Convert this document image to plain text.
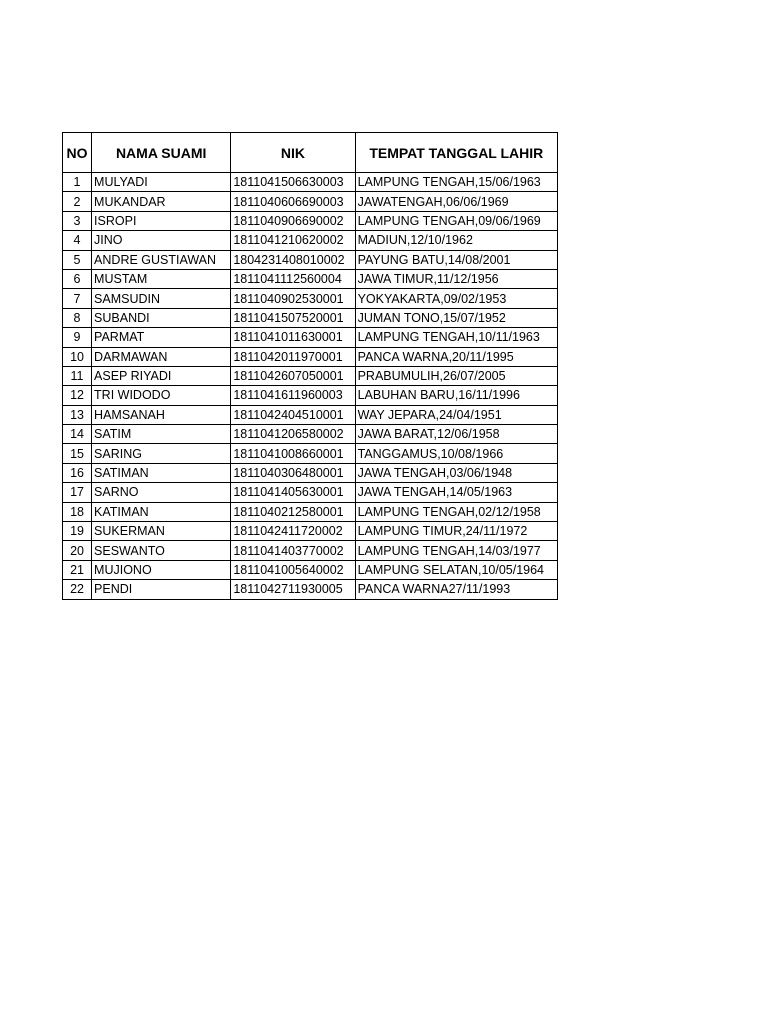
NO	NAMA SUAMI	NIK	TEMPAT TANGGAL LAHIR
1	MULYADI	1811041506630003	LAMPUNG TENGAH,15/06/1963
2	MUKANDAR	1811040606690003	JAWATENGAH,06/06/1969
3	ISROPI	1811040906690002	LAMPUNG TENGAH,09/06/1969
4	JINO	1811041210620002	MADIUN,12/10/1962
5	ANDRE GUSTIAWAN	1804231408010002	PAYUNG BATU,14/08/2001
6	MUSTAM	1811041112560004	JAWA TIMUR,11/12/1956
7	SAMSUDIN	1811040902530001	YOKYAKARTA,09/02/1953
8	SUBANDI	1811041507520001	JUMAN TONO,15/07/1952
9	PARMAT	1811041011630001	LAMPUNG TENGAH,10/11/1963
10	DARMAWAN	1811042011970001	PANCA WARNA,20/11/1995
11	ASEP RIYADI	1811042607050001	PRABUMULIH,26/07/2005
12	TRI WIDODO	1811041611960003	LABUHAN BARU,16/11/1996
13	HAMSANAH	1811042404510001	WAY JEPARA,24/04/1951
14	SATIM	1811041206580002	JAWA BARAT,12/06/1958
15	SARING	1811041008660001	TANGGAMUS,10/08/1966
16	SATIMAN	1811040306480001	JAWA TENGAH,03/06/1948
17	SARNO	1811041405630001	JAWA TENGAH,14/05/1963
18	KATIMAN	1811040212580001	LAMPUNG TENGAH,02/12/1958
19	SUKERMAN	1811042411720002	LAMPUNG TIMUR,24/11/1972
20	SESWANTO	1811041403770002	LAMPUNG TENGAH,14/03/1977
21	MUJIONO	1811041005640002	LAMPUNG SELATAN,10/05/1964
22	PENDI	1811042711930005	PANCA WARNA27/11/1993
